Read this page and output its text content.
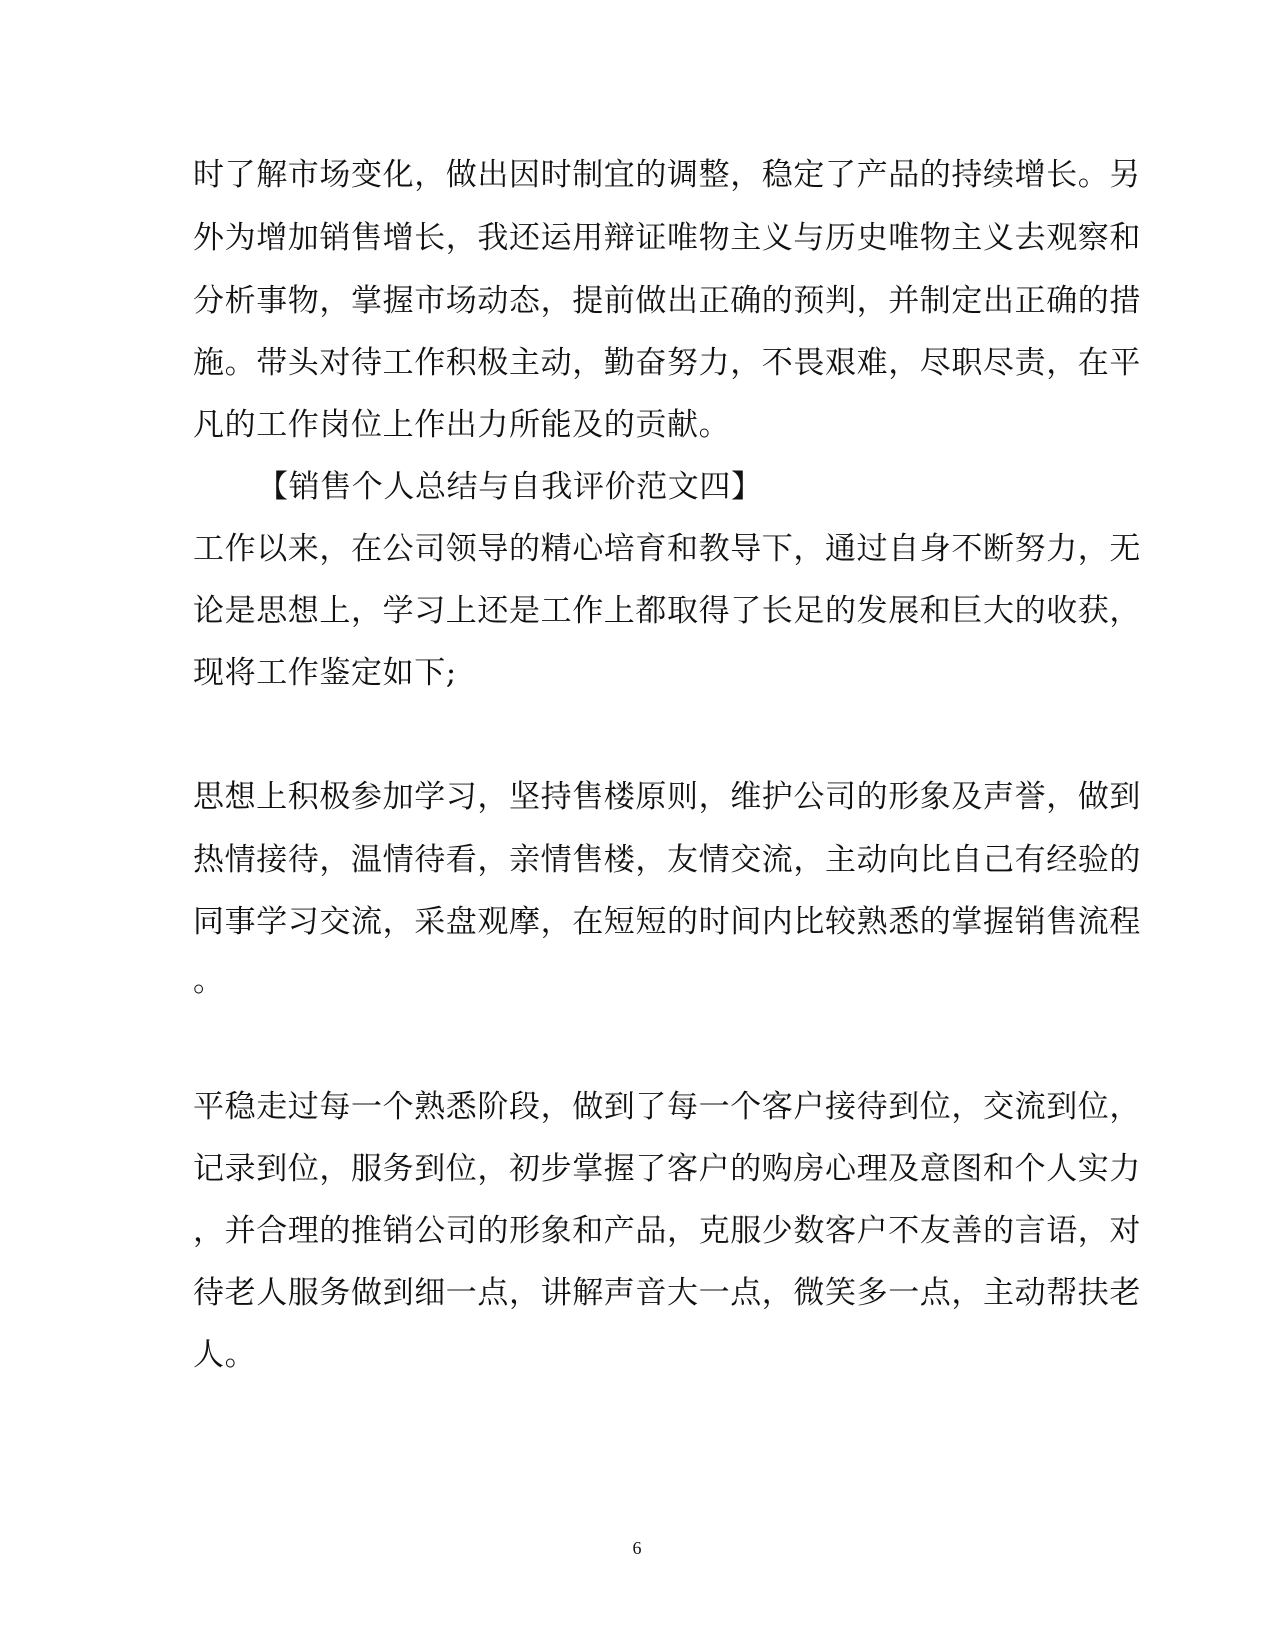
时了解市场变化，做出因时制宜的调整，稳定了产品的持续增长。另
外为增加销售增长，我还运用辩证唯物主义与历史唯物主义去观察和
分析事物，掌握市场动态，提前做出正确的预判，并制定出正确的措
施。带头对待工作积极主动，勤奋努力，不畏艰难，尽职尽责，在平
凡的工作岗位上作出力所能及的贡献。
【销售个人总结与自我评价范文四】
工作以来，在公司领导的精心培育和教导下，通过自身不断努力，无
论是思想上，学习上还是工作上都取得了长足的发展和巨大的收获，
现将工作鉴定如下;
思想上积极参加学习，坚持售楼原则，维护公司的形象及声誉，做到
热情接待，温情待看，亲情售楼，友情交流，主动向比自己有经验的
同事学习交流，采盘观摩，在短短的时间内比较熟悉的掌握销售流程
。
平稳走过每一个熟悉阶段，做到了每一个客户接待到位，交流到位，
记录到位，服务到位，初步掌握了客户的购房心理及意图和个人实力
，并合理的推销公司的形象和产品，克服少数客户不友善的言语，对
待老人服务做到细一点，讲解声音大一点，微笑多一点，主动帮扶老
人。
6
